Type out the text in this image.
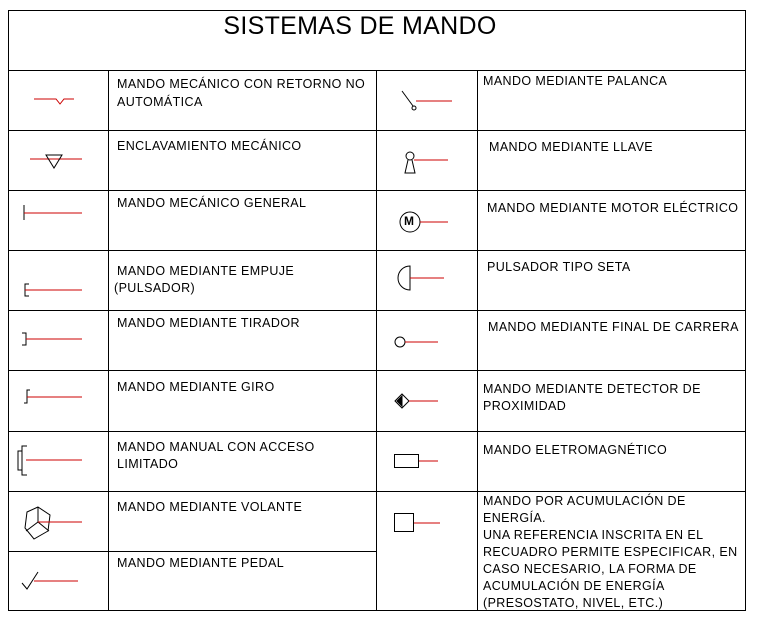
M
SISTEMAS DE MANDO
MANDO MECÁNICO CON RETORNO NO
AUTOMÁTICA
ENCLAVAMIENTO MECÁNICO
MANDO MECÁNICO GENERAL
MANDO MEDIANTE EMPUJE
(PULSADOR)
MANDO MEDIANTE TIRADOR
MANDO MEDIANTE GIRO
MANDO MANUAL CON ACCESO
LIMITADO
MANDO MEDIANTE VOLANTE
MANDO MEDIANTE PEDAL
MANDO MEDIANTE PALANCA
MANDO MEDIANTE LLAVE
MANDO MEDIANTE MOTOR ELÉCTRICO
PULSADOR TIPO SETA
MANDO MEDIANTE FINAL DE CARRERA
MANDO MEDIANTE DETECTOR DE
PROXIMIDAD
MANDO ELETROMAGNÉTICO
MANDO POR ACUMULACIÓN DE
ENERGÍA.
UNA REFERENCIA INSCRITA EN EL
RECUADRO PERMITE ESPECIFICAR, EN
CASO NECESARIO, LA FORMA DE
ACUMULACIÓN DE ENERGÍA
(PRESOSTATO, NIVEL, ETC.)
